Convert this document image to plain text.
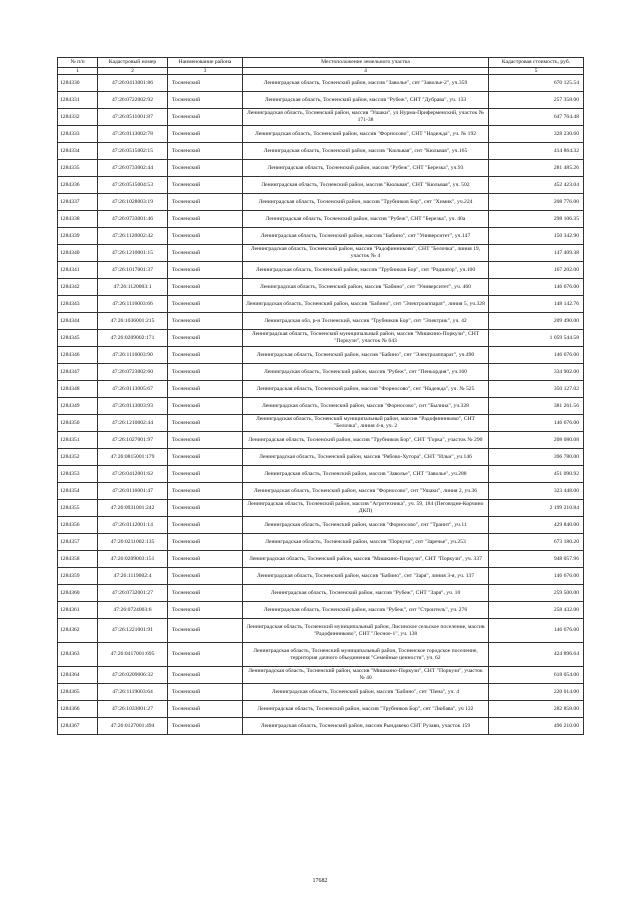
№ п/п	Кадастровый номер	Наименование района	Местоположение земельного участка	Кадастровая стоимость, руб.
1	2	3	4	5
1284330	47:26:0413001:86	Тосненский	Ленинградская область, Тосненский район, массив "Заволье", снт "Заволье-2", уч.359	670 125.54
1284331	47:26:0722002:92	Тосненский	Ленинградская область, Тосненский район, массив "Рубеж", СНТ "Дубрава", уч. 133	257 358.00
1284332	47:26:0511001:87	Тосненский	Ленинградская область, Тосненский район, массив "Ушаки", ул Нурма-Приферменский, участок № 171-38	647 764.48
1284333	47:26:0113002:78	Тосненский	Ленинградская область, Тосненский район, массив "Форносово", СНТ "Надежда", уч. № 192	328 230.60
1284334	47:26:0515002:15	Тосненский	Ленинградская область, Тосненский район, массив "Кюльвая", снт "Кюльвая", уч.165	414 864.32
1284335	47:26:0733002:44	Тосненский	Ленинградская область, Тосненский район, массив "Рубеж", СНТ "Березка", уч.93	281 485.26
1284336	47:26:0515004:53	Тосненский	Ленинградская область, Тосненский район, массив "Кюльвая", СНТ "Кюльвая", уч. 502	452 423.04
1284337	47:26:1028003:19	Тосненский	Ленинградская область, Тосненский район, массив "Трубников Бор", снт "Химик", уч.224	208 776.00
1284338	47:26:0733001:46	Тосненский	Ленинградская область, Тосненский район, массив "Рубеж", СНТ "Березка", уч. 40а	298 106.35
1284339	47:26:1120002:42	Тосненский	Ленинградская область, Тосненский район, массив "Бабино", снт "Университет", уч.147	150 342.90
1284340	47:26:1210001:15	Тосненский	Ленинградская область, Тосненский район, массив "Радофинниково", СНТ "Белочка", линия 19, участок № 4	147 409.38
1284341	47:26:1017001:37	Тосненский	Ленинградская область, Тосненский район, массив "Трубников Бор", снт "Радиатор", уч.100	167 202.00
1284342	47:26:1120003:1	Тосненский	Ленинградская область, Тосненский район, массив "Бабино", снт "Университет", уч. 460	146 676.00
1284343	47:26:1116003:66	Тосненский	Ленинградская область, Тосненский район, массив "Бабино", снт "Электроаппарат", линия 5, уч.328	148 142.76
1284344	47:26:1036001:215	Тосненский	Ленинградская обл, р-н Тосненский, массив "Трубников Бор", снт "Электрик", уч. 42	209 490.00
1284345	47:26:0209002:171	Тосненский	Ленинградская область, Тосненский муниципальный район, массив "Мишкино-Поркузи", СНТ "Поркузи", участок № 643	1 059 544.58
1284346	47:26:1116003:90	Тосненский	Ленинградская область, Тосненский район, массив "Бабино", снт "Электроаппарат", уч.490	146 676.00
1284347	47:26:0723002:60	Тосненский	Ленинградская область, Тосненский район, массив "Рубеж", снт "Пеньордия", уч.160	334 902.00
1284348	47:26:0113005:67	Тосненский	Ленинградская область, Тосненский район, массив "Форносово", снт "Надежда", уч. № 525	350 127.02
1284349	47:26:0113003:93	Тосненский	Ленинградская область, Тосненский район, массив "Форносово", снт "Былина", уч.328	381 261.56
1284350	47:26:1210002:44	Тосненский	Ленинградская область, Тосненский муниципальный район, массив "Радофинниково", СНТ "Белочка", линия 4-я, уч. 2	146 676.00
1284351	47:26:1027001:97	Тосненский	Ленинградская область, Тосненский район, массив "Трубников Бор", СНТ "Горка", участок № 290	208 080.08
1284352	47:26:0815001:179	Тосненский	Ленинградская область, Тосненский район, массив "Рябово-Хутора", СНТ "Ильи", уч.146	396 780.00
1284353	47:26:0412001:62	Тосненский	Ленинградская область, Тосненский район, массив "Заволье", СНТ "Заволье", уч.288	451 090.92
1284354	47:26:0116001:47	Тосненский	Ленинградская область, Тосненский район, массив "Форносово", снт "Ушаки", линия 2, уч.36	323 448.00
1284355	47:26:0931001:242	Тосненский	Ленинградская область, Тосненский район, массив "Агротехника", уч. 59, 184 (Пеговздне-Корчино ДКП)	2 199 210.84
1284356	47:26:0112001:14	Тосненский	Ленинградская область, Тосненский район, массив "Форносово", снт "Транит", уч.11	429 840.00
1284357	47:26:0211002:135	Тосненский	Ленинградская область, Тосненский район, массив "Поркузи", снт "Заречье", уч.253	673 180.20
1284358	47:26:0209003:151	Тосненский	Ленинградская область, Тосненский район, массив "Мишкино-Поркузи", СНТ "Поркузи", уч. 337	948 057.96
1284359	47:26:1119002:4	Тосненский	Ленинградская область, Тосненский район, массив "Бабино", снт "Заря", линия 3-я, уч. 137	146 676.00
1284360	47:26:0732001:27	Тосненский	Ленинградская область, Тосненский район, массив "Рубеж", СНТ "Заря", уч. 10	259 500.00
1284361	47:26:0724003:6	Тосненский	Ленинградская область, Тосненский район, массив "Рубеж", снт "Строитель", уч. 276	258 432.00
1284362	47:26:1221001:91	Тосненский	Ленинградская область, Тосненский муниципальный район, Лисинское сельское поселение, массив "Радофинниково", СНТ "Лесное-1", уч. 138	146 676.00
1284363	47:26:0417001:695	Тосненский	Ленинградская область, Тосненский муниципальный район, Тосненское городское поселение, территория дачного объединения "Семейные ценности", уч. 62	424 896.64
1284364	47:26:0209006:32	Тосненский	Ленинградская область, Тосненский район, массив "Мишкино-Поркузи", СНТ "Поркузи", участок № 40	618 054.00
1284365	47:26:1119003:64	Тосненский	Ленинградская область, Тосненский район, массив "Бабино", снт "Пена", уч. 4	220 014.00
1284366	47:26:1033001:27	Тосненский	Ленинградская область, Тосненский район, массив "Трубников Бор", снт "Любава", уч 122	282 858.00
1284367	47:26:0127001:494	Тосненский	Ленинградская область, Тосненский район, массив Рындакеко СНТ Рузави, участок 159	496 210.00
17682
